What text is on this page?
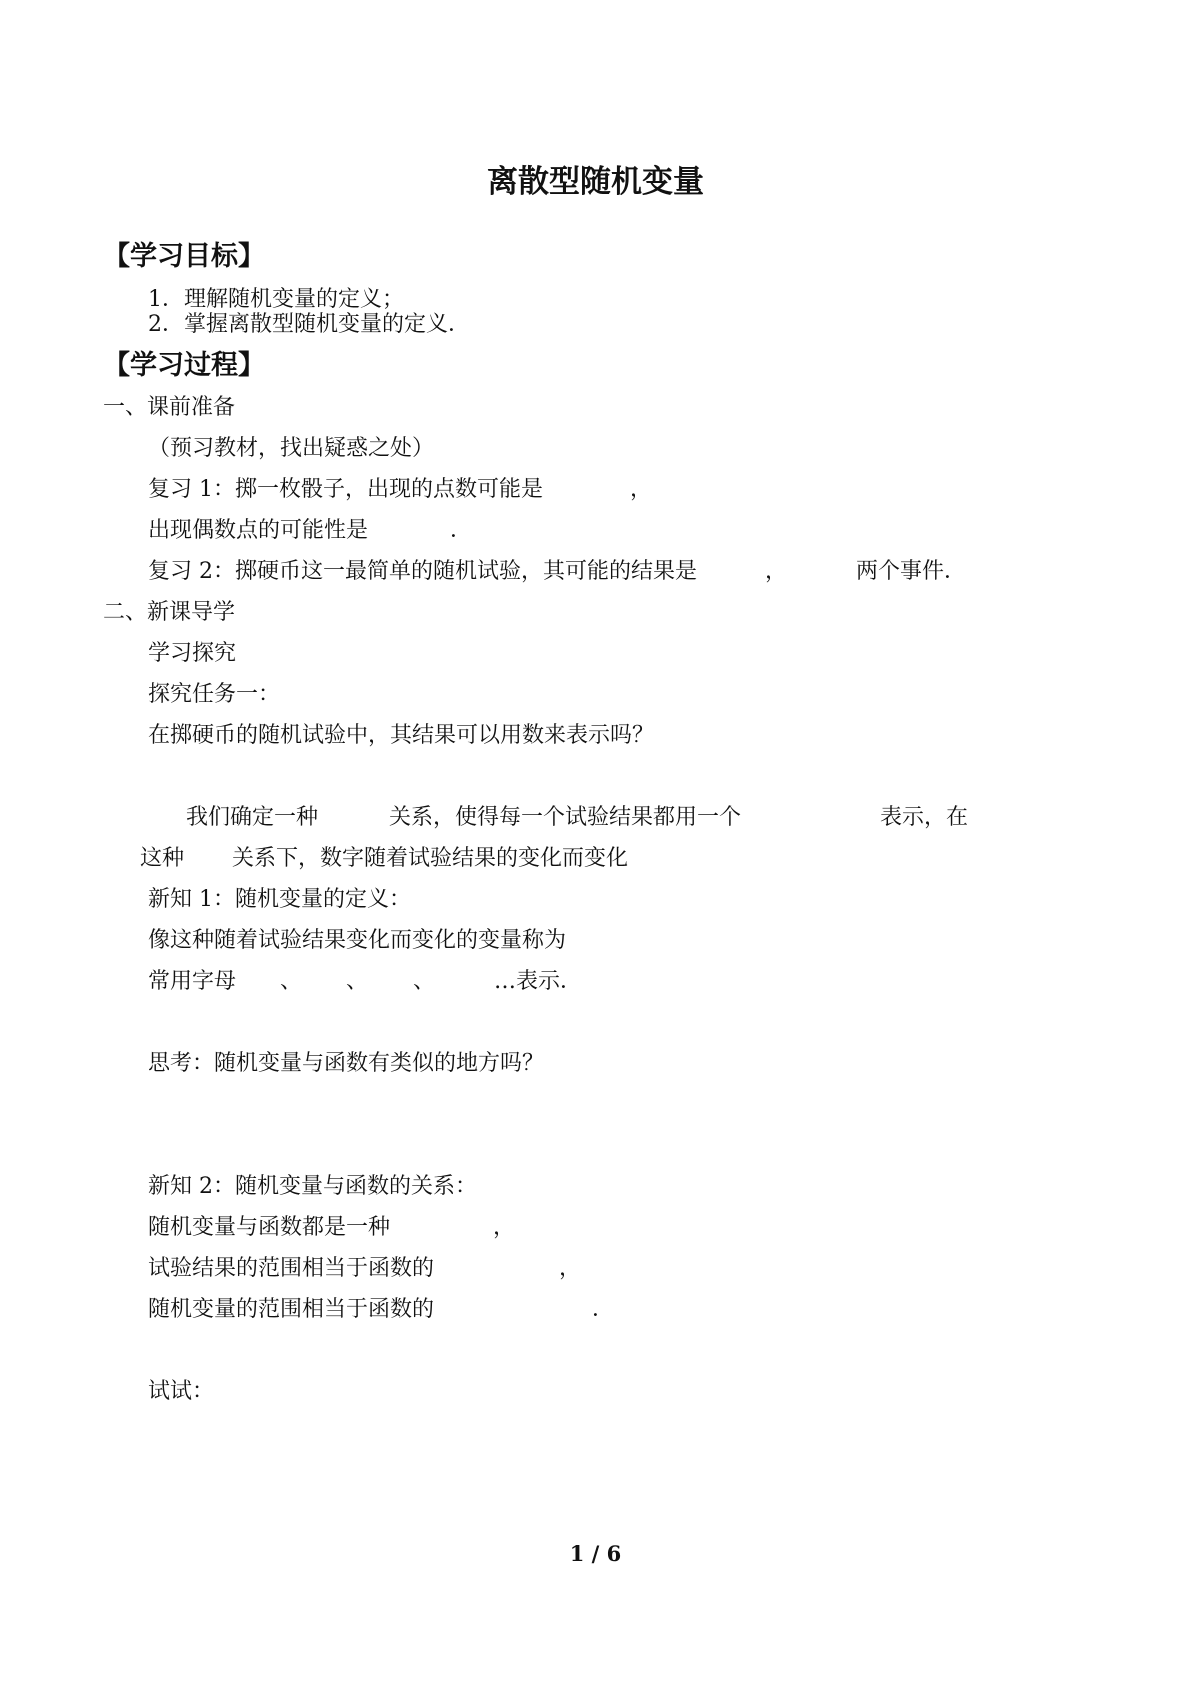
离散型随机变量
【学习目标】
1．理解随机变量的定义；
2．掌握离散型随机变量的定义．
【学习过程】
一、课前准备
（预习教材，找出疑惑之处）
复习 1：掷一枚骰子，出现的点数可能是	，
出现偶数点的可能性是	．
复习 2：掷硬币这一最简单的随机试验，其可能的结果是	，	两个事件．
二、新课导学
学习探究
探究任务一：
在掷硬币的随机试验中，其结果可以用数来表示吗？
我们确定一种	关系，使得每一个试验结果都用一个	表示，在
这种 关系下，数字随着试验结果的变化而变化
新知 1：随机变量的定义：
像这种随着试验结果变化而变化的变量称为
常用字母 、 、 、	…表示．
思考：随机变量与函数有类似的地方吗？
新知 2：随机变量与函数的关系：
随机变量与函数都是一种	，
试验结果的范围相当于函数的	，
随机变量的范围相当于函数的	．
试试：
1 / 6
